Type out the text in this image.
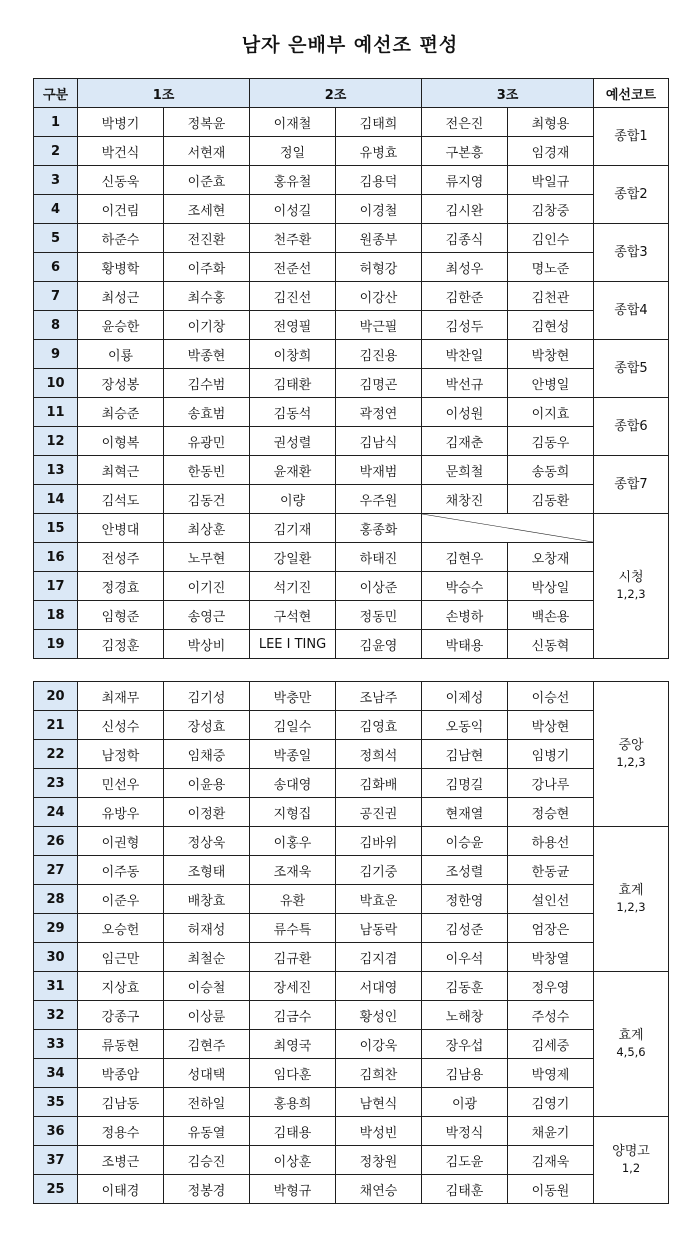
남자 은배부 예선조 편성
구분	1조		2조		3조		예선코트
1	박병기	정복윤	이재철	김태희	전은진	최형용	종합1

2	박건식	서현재	정일	유병효	구본흥	임경재	
3	신동욱	이준효	홍유철	김용덕	류지영	박일규	종합2

4	이건림	조세현	이성길	이경철	김시완	김창중	
5	하준수	전진환	천주환	원종부	김종식	김인수	종합3

6	황병학	이주화	전준선	허형강	최성우	명노준	
7	최성근	최수홍	김진선	이강산	김한준	김천관	종합4

8	윤승한	이기창	전영필	박근필	김성두	김현성	
9	이룡	박종현	이창희	김진용	박찬일	박창현	종합5

10	장성봉	김수범	김태환	김명곤	박선규	안병일	
11	최승준	송효범	김동석	곽정연	이성원	이지효	종합6

12	이형복	유광민	권성렬	김남식	김재춘	김동우	
13	최혁근	한동빈	윤재환	박재범	문희철	송동희	종합7

14	김석도	김동건	이량	우주원	채창진	김동환	
15	안병대	최상훈	김기재	홍종화			시청
1,2,3

16	전성주	노무현	강일환	하태진	김현우	오창재	
17	정경효	이기진	석기진	이상준	박승수	박상일	
18	임형준	송영근	구석현	정동민	손병하	백손용	
19	김정훈	박상비	LEE I TING	김윤영	박태용	신동혁	
20	최재무	김기성	박충만	조남주	이제성	이승선	중앙
1,2,3

21	신성수	장성효	김일수	김영효	오동익	박상현	
22	남정학	임채중	박종일	정희석	김남현	임병기	
23	민선우	이윤용	송대영	김화배	김명길	강나루	
24	유방우	이정환	지형집	공진권	현재열	정승현	
26	이권형	정상욱	이홍우	김바위	이승윤	하용선	효계
1,2,3

27	이주동	조형태	조재욱	김기중	조성렬	한동균	
28	이준우	배창효	유환	박효운	정한영	설인선	
29	오승헌	허재성	류수특	남동락	김성준	엄장은	
30	임근만	최철순	김규환	김지겸	이우석	박창열	
31	지상효	이승철	장세진	서대영	김동훈	정우영	효계
4,5,6

32	강종구	이상륜	김금수	황성인	노해창	주성수	
33	류동현	김현주	최영국	이강욱	장우섭	김세중	
34	박종암	성대택	임다훈	김희찬	김남용	박영제	
35	김남동	전하일	홍용희	남현식	이광	김영기	
36	정용수	유동열	김태용	박성빈	박정식	채윤기	양명고
1,2

37	조병근	김승진	이상훈	정창원	김도윤	김재욱	
25	이태경	정봉경	박형규	채연승	김태훈	이동원	
